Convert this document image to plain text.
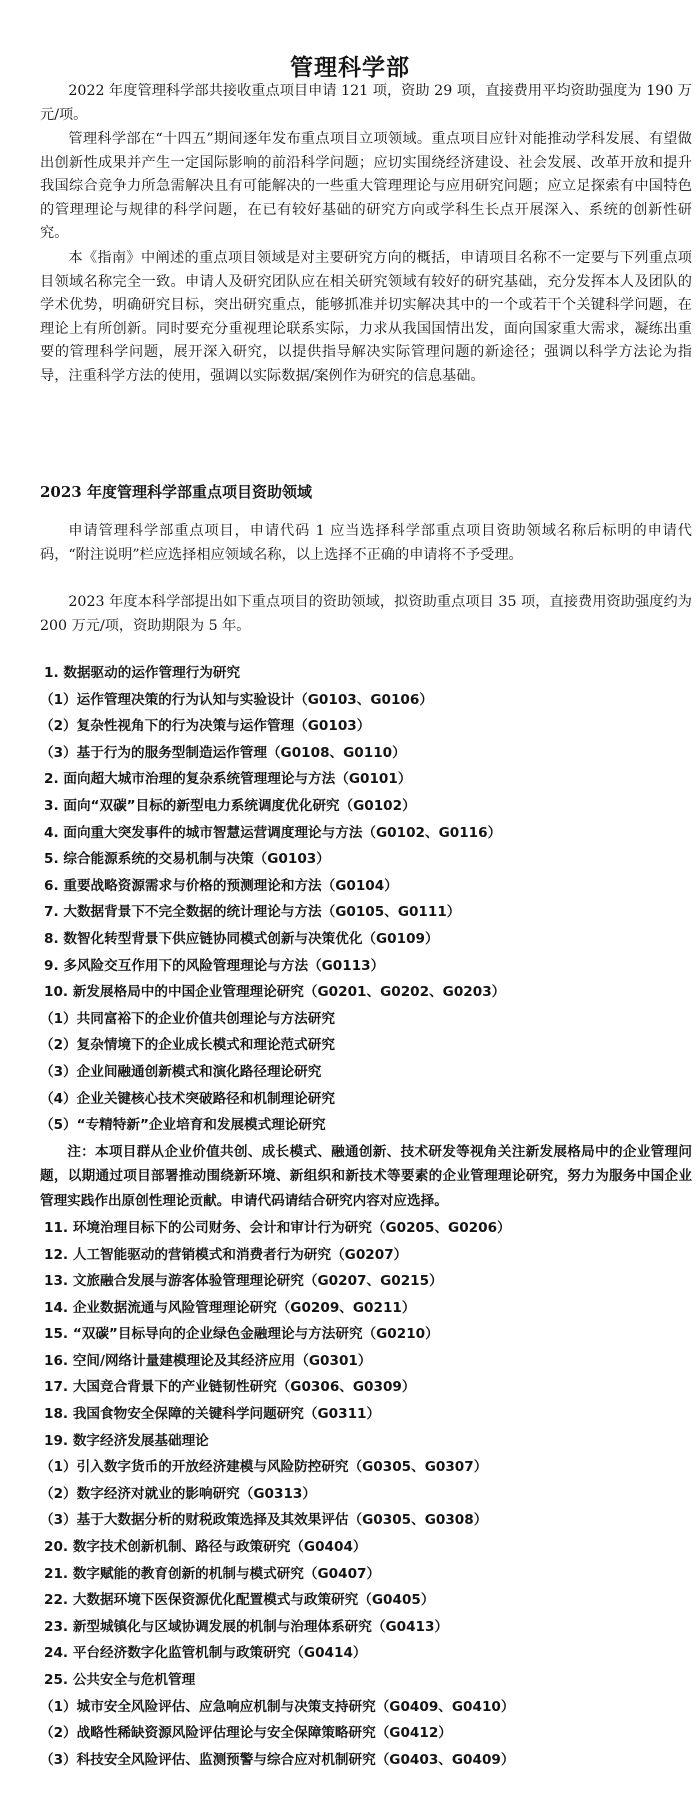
管理科学部

2022 年度管理科学部共接收重点项目申请 121 项，资助 29 项，直接费用平均资助强度为 190 万元/项。

管理科学部在“十四五”期间逐年发布重点项目立项领域。重点项目应针对能推动学科发展、有望做出创新性成果并产生一定国际影响的前沿科学问题；应切实围绕经济建设、社会发展、改革开放和提升我国综合竞争力所急需解决且有可能解决的一些重大管理理论与应用研究问题；应立足探索有中国特色的管理理论与规律的科学问题，在已有较好基础的研究方向或学科生长点开展深入、系统的创新性研究。

本《指南》中阐述的重点项目领域是对主要研究方向的概括，申请项目名称不一定要与下列重点项目领域名称完全一致。申请人及研究团队应在相关研究领域有较好的研究基础，充分发挥本人及团队的学术优势，明确研究目标，突出研究重点，能够抓准并切实解决其中的一个或若干个关键科学问题，在理论上有所创新。同时要充分重视理论联系实际，力求从我国国情出发，面向国家重大需求，凝练出重要的管理科学问题，展开深入研究，以提供指导解决实际管理问题的新途径；强调以科学方法论为指导，注重科学方法的使用，强调以实际数据/案例作为研究的信息基础。

2023 年度管理科学部重点项目资助领域

申请管理科学部重点项目，申请代码 1 应当选择科学部重点项目资助领域名称后标明的申请代码，“附注说明”栏应选择相应领域名称，以上选择不正确的申请将不予受理。

2023 年度本科学部提出如下重点项目的资助领域，拟资助重点项目 35 项，直接费用资助强度约为 200 万元/项，资助期限为 5 年。

1. 数据驱动的运作管理行为研究
（1）运作管理决策的行为认知与实验设计（G0103、G0106）
（2）复杂性视角下的行为决策与运作管理（G0103）
（3）基于行为的服务型制造运作管理（G0108、G0110）
2. 面向超大城市治理的复杂系统管理理论与方法（G0101）
3. 面向“双碳”目标的新型电力系统调度优化研究（G0102）
4. 面向重大突发事件的城市智慧运营调度理论与方法（G0102、G0116）
5. 综合能源系统的交易机制与决策（G0103）
6. 重要战略资源需求与价格的预测理论和方法（G0104）
7. 大数据背景下不完全数据的统计理论与方法（G0105、G0111）
8. 数智化转型背景下供应链协同模式创新与决策优化（G0109）
9. 多风险交互作用下的风险管理理论与方法（G0113）
10. 新发展格局中的中国企业管理理论研究（G0201、G0202、G0203）
（1）共同富裕下的企业价值共创理论与方法研究
（2）复杂情境下的企业成长模式和理论范式研究
（3）企业间融通创新模式和演化路径理论研究
（4）企业关键核心技术突破路径和机制理论研究
（5）“专精特新”企业培育和发展模式理论研究
注：本项目群从企业价值共创、成长模式、融通创新、技术研发等视角关注新发展格局中的企业管理问题，以期通过项目部署推动围绕新环境、新组织和新技术等要素的企业管理理论研究，努力为服务中国企业管理实践作出原创性理论贡献。申请代码请结合研究内容对应选择。
11. 环境治理目标下的公司财务、会计和审计行为研究（G0205、G0206）
12. 人工智能驱动的营销模式和消费者行为研究（G0207）
13. 文旅融合发展与游客体验管理理论研究（G0207、G0215）
14. 企业数据流通与风险管理理论研究（G0209、G0211）
15. “双碳”目标导向的企业绿色金融理论与方法研究（G0210）
16. 空间/网络计量建模理论及其经济应用（G0301）
17. 大国竞合背景下的产业链韧性研究（G0306、G0309）
18. 我国食物安全保障的关键科学问题研究（G0311）
19. 数字经济发展基础理论
（1）引入数字货币的开放经济建模与风险防控研究（G0305、G0307）
（2）数字经济对就业的影响研究（G0313）
（3）基于大数据分析的财税政策选择及其效果评估（G0305、G0308）
20. 数字技术创新机制、路径与政策研究（G0404）
21. 数字赋能的教育创新的机制与模式研究（G0407）
22. 大数据环境下医保资源优化配置模式与政策研究（G0405）
23. 新型城镇化与区域协调发展的机制与治理体系研究（G0413）
24. 平台经济数字化监管机制与政策研究（G0414）
25. 公共安全与危机管理
（1）城市安全风险评估、应急响应机制与决策支持研究（G0409、G0410）
（2）战略性稀缺资源风险评估理论与安全保障策略研究（G0412）
（3）科技安全风险评估、监测预警与综合应对机制研究（G0403、G0409）
